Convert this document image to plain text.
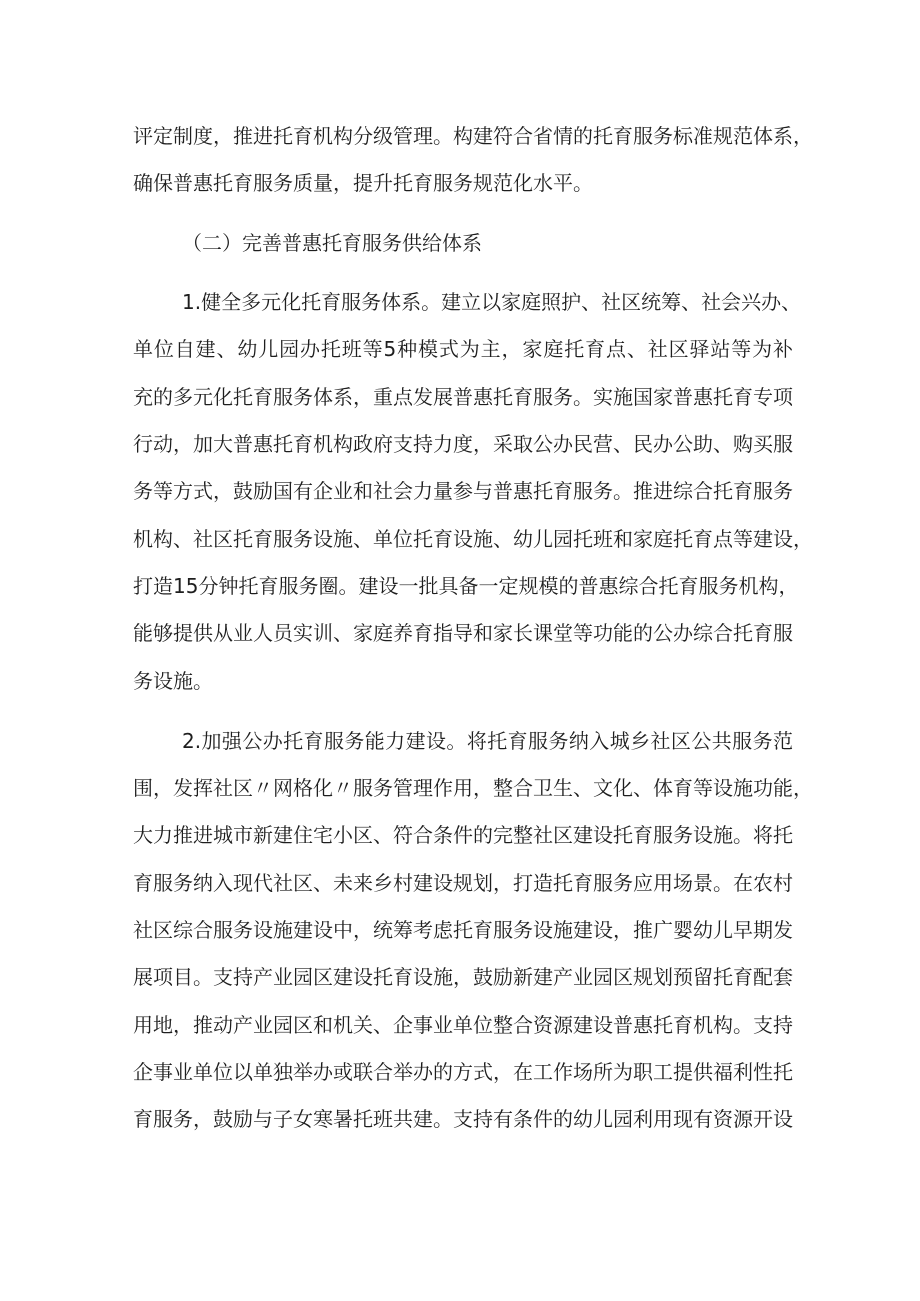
评定制度，推进托育机构分级管理。构建符合省情的托育服务标准规范体系，

确保普惠托育服务质量，提升托育服务规范化水平。

（二）完善普惠托育服务供给体系

1.健全多元化托育服务体系。建立以家庭照护、社区统筹、社会兴办、

单位自建、幼儿园办托班等5种模式为主，家庭托育点、社区驿站等为补

充的多元化托育服务体系，重点发展普惠托育服务。实施国家普惠托育专项

行动，加大普惠托育机构政府支持力度，采取公办民营、民办公助、购买服

务等方式，鼓励国有企业和社会力量参与普惠托育服务。推进综合托育服务

机构、社区托育服务设施、单位托育设施、幼儿园托班和家庭托育点等建设，

打造15分钟托育服务圈。建设一批具备一定规模的普惠综合托育服务机构，

能够提供从业人员实训、家庭养育指导和家长课堂等功能的公办综合托育服

务设施。

2.加强公办托育服务能力建设。将托育服务纳入城乡社区公共服务范

围，发挥社区〃网格化〃服务管理作用，整合卫生、文化、体育等设施功能，

大力推进城市新建住宅小区、符合条件的完整社区建设托育服务设施。将托

育服务纳入现代社区、未来乡村建设规划，打造托育服务应用场景。在农村

社区综合服务设施建设中，统筹考虑托育服务设施建设，推广婴幼儿早期发

展项目。支持产业园区建设托育设施，鼓励新建产业园区规划预留托育配套

用地，推动产业园区和机关、企事业单位整合资源建设普惠托育机构。支持

企事业单位以单独举办或联合举办的方式，在工作场所为职工提供福利性托

育服务，鼓励与子女寒暑托班共建。支持有条件的幼儿园利用现有资源开设
